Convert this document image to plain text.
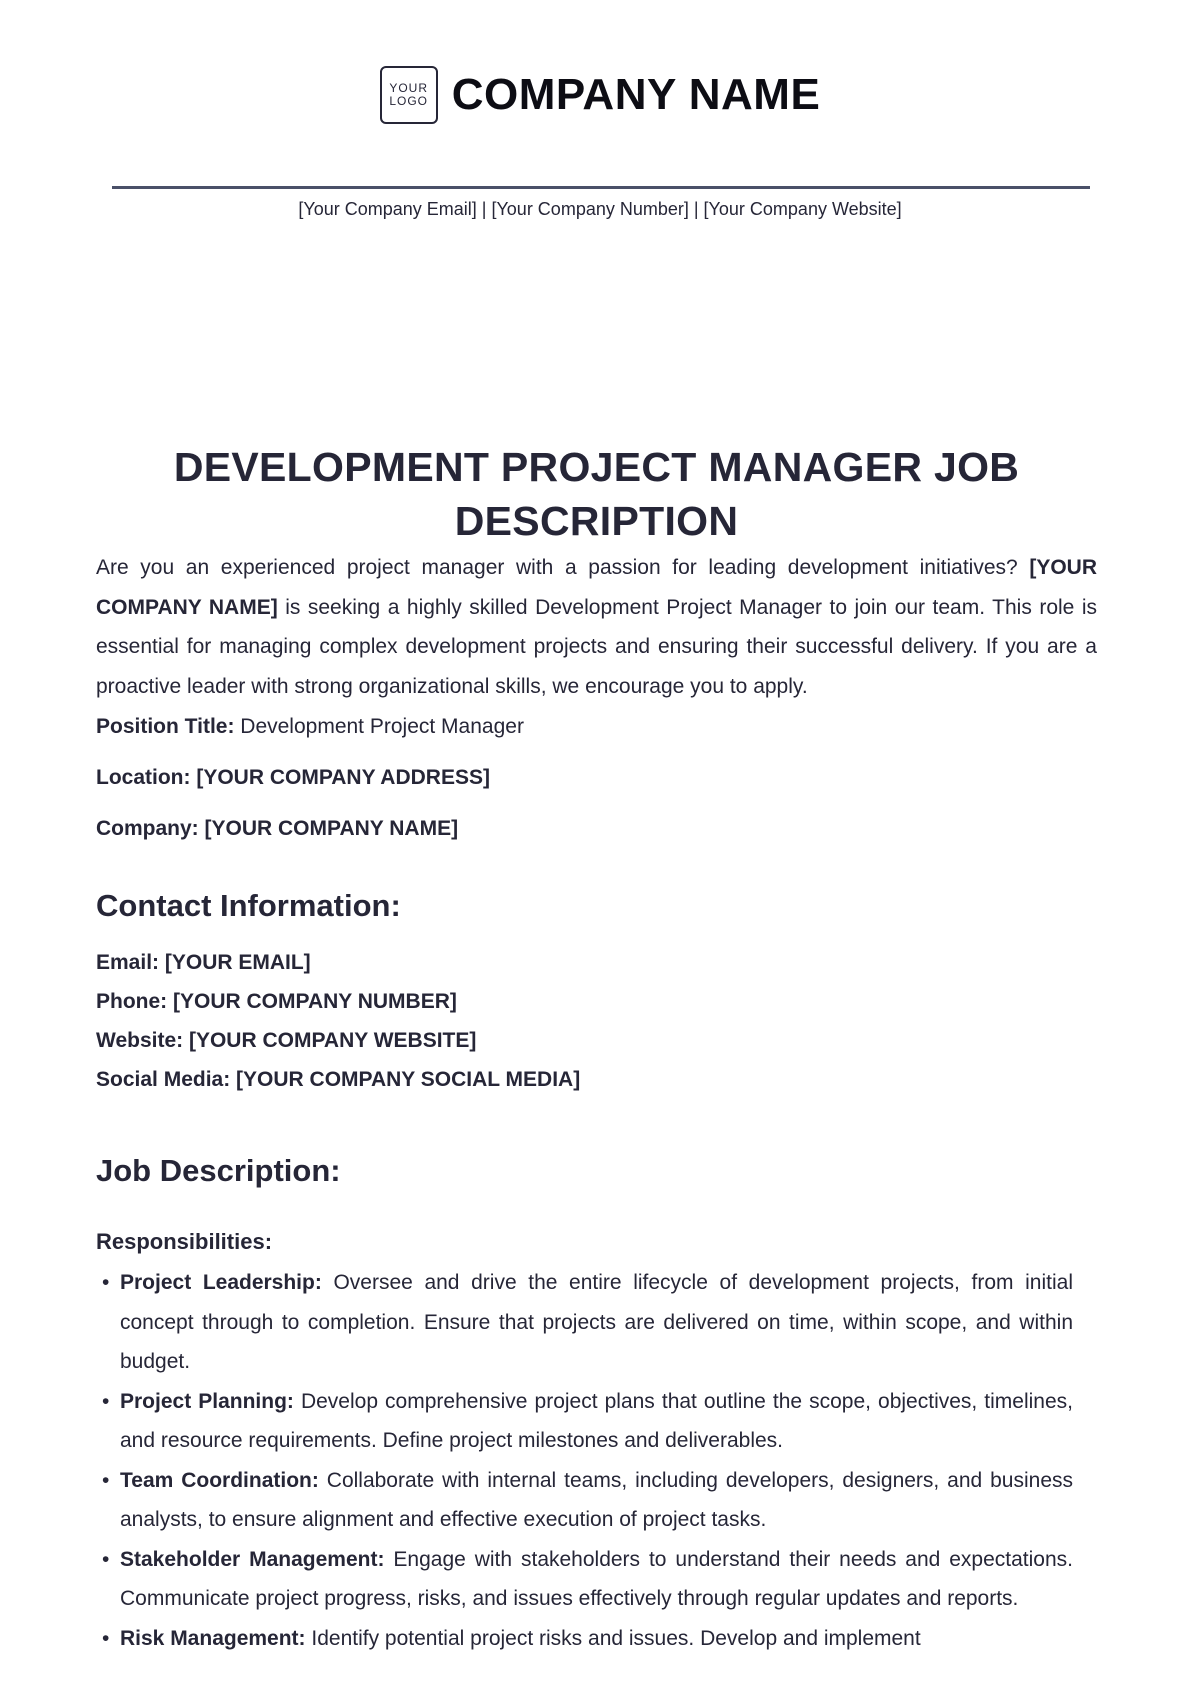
YOUR
LOGO COMPANY NAME
[Your Company Email] | [Your Company Number] | [Your Company Website]
DEVELOPMENT PROJECT MANAGER JOB DESCRIPTION

Are you an experienced project manager with a passion for leading development initiatives? [YOUR COMPANY NAME] is seeking a highly skilled Development Project Manager to join our team. This role is essential for managing complex development projects and ensuring their successful delivery. If you are a proactive leader with strong organizational skills, we encourage you to apply.

Position Title: Development Project Manager

Location: [YOUR COMPANY ADDRESS]

Company: [YOUR COMPANY NAME]

Contact Information:

Email: [YOUR EMAIL]

Phone: [YOUR COMPANY NUMBER]

Website: [YOUR COMPANY WEBSITE]

Social Media: [YOUR COMPANY SOCIAL MEDIA]

Job Description:

Responsibilities:

• Project Leadership: Oversee and drive the entire lifecycle of development projects, from initial concept through to completion. Ensure that projects are delivered on time, within scope, and within budget.
• Project Planning: Develop comprehensive project plans that outline the scope, objectives, timelines, and resource requirements. Define project milestones and deliverables.
• Team Coordination: Collaborate with internal teams, including developers, designers, and business analysts, to ensure alignment and effective execution of project tasks.
• Stakeholder Management: Engage with stakeholders to understand their needs and expectations. Communicate project progress, risks, and issues effectively through regular updates and reports.
• Risk Management: Identify potential project risks and issues. Develop and implement
